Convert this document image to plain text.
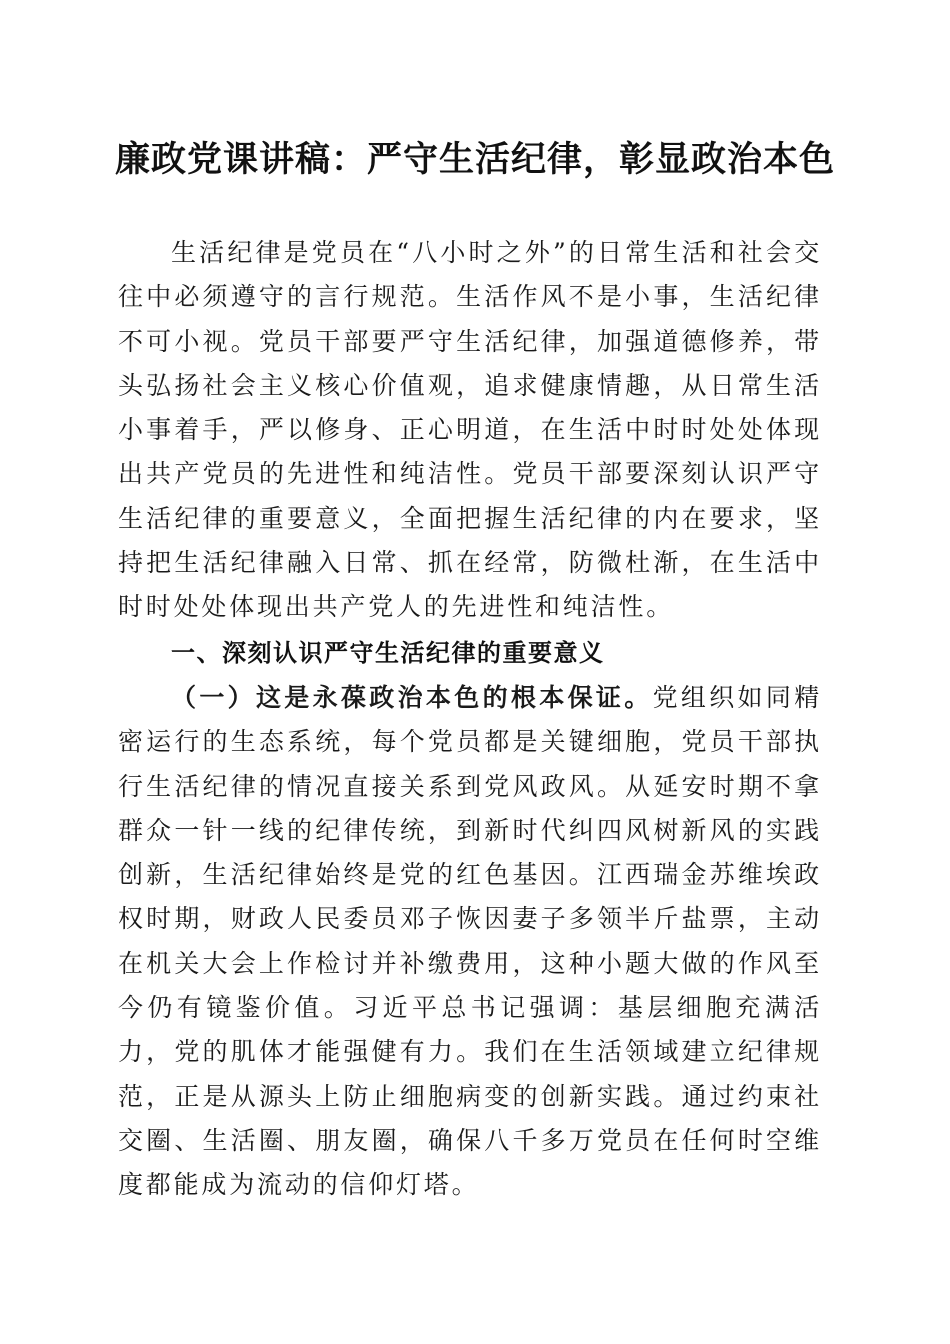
廉政党课讲稿：严守生活纪律，彰显政治本色
生活纪律是党员在“八小时之外”的日常生活和社会交往中必须遵守的言行规范。生活作风不是小事，生活纪律不可小视。党员干部要严守生活纪律，加强道德修养，带头弘扬社会主义核心价值观，追求健康情趣，从日常生活小事着手，严以修身、正心明道，在生活中时时处处体现出共产党员的先进性和纯洁性。党员干部要深刻认识严守生活纪律的重要意义，全面把握生活纪律的内在要求，坚持把生活纪律融入日常、抓在经常，防微杜渐，在生活中时时处处体现出共产党人的先进性和纯洁性。
一、深刻认识严守生活纪律的重要意义
（一）这是永葆政治本色的根本保证。党组织如同精密运行的生态系统，每个党员都是关键细胞，党员干部执行生活纪律的情况直接关系到党风政风。从延安时期不拿群众一针一线的纪律传统，到新时代纠四风树新风的实践创新，生活纪律始终是党的红色基因。江西瑞金苏维埃政权时期，财政人民委员邓子恢因妻子多领半斤盐票，主动在机关大会上作检讨并补缴费用，这种小题大做的作风至今仍有镜鉴价值。习近平总书记强调：基层细胞充满活力，党的肌体才能强健有力。我们在生活领域建立纪律规范，正是从源头上防止细胞病变的创新实践。通过约束社交圈、生活圈、朋友圈，确保八千多万党员在任何时空维度都能成为流动的信仰灯塔。
